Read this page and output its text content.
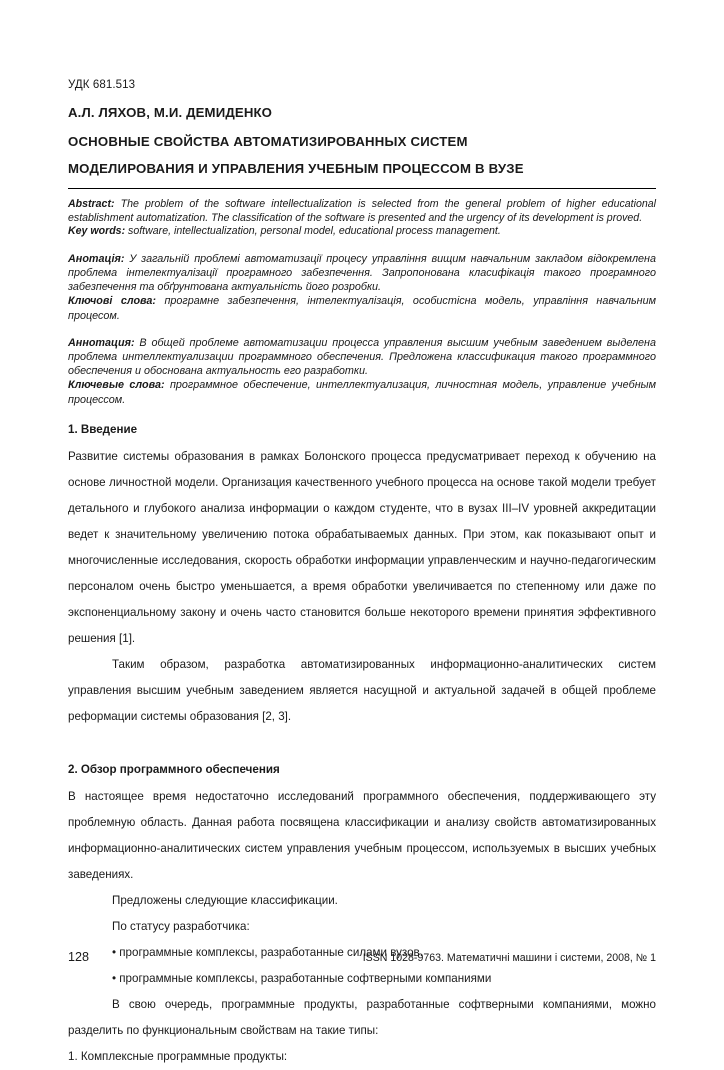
УДК 681.513
А.Л. ЛЯХОВ, М.И. ДЕМИДЕНКО
ОСНОВНЫЕ СВОЙСТВА АВТОМАТИЗИРОВАННЫХ СИСТЕМ
МОДЕЛИРОВАНИЯ И УПРАВЛЕНИЯ УЧЕБНЫМ ПРОЦЕССОМ В ВУЗЕ

Abstract: The problem of the software intellectualization is selected from the general problem of higher educational establishment automatization. The classification of the software is presented and the urgency of its development is proved.

Key words: software, intellectualization, personal model, educational process management.

Анотація: У загальній проблемі автоматизації процесу управління вищим навчальним закладом відокремлена проблема інтелектуалізації програмного забезпечення. Запропонована класифікація такого програмного забезпечення та обґрунтована актуальність його розробки.

Ключові слова: програмне забезпечення, інтелектуалізація, особистісна модель, управління навчальним процесом.

Аннотация: В общей проблеме автоматизации процесса управления высшим учебным заведением выделена проблема интеллектуализации программного обеспечения. Предложена классификация такого программного обеспечения и обоснована актуальность его разработки.

Ключевые слова: программное обеспечение, интеллектуализация, личностная модель, управление учебным процессом.

1. Введение

Развитие системы образования в рамках Болонского процесса предусматривает переход к обучению на основе личностной модели. Организация качественного учебного процесса на основе такой модели требует детального и глубокого анализа информации о каждом студенте, что в вузах III–IV уровней аккредитации ведет к значительному увеличению потока обрабатываемых данных. При этом, как показывают опыт и многочисленные исследования, скорость обработки информации управленческим и научно-педагогическим персоналом очень быстро уменьшается, а время обработки увеличивается по степенному или даже по экспоненциальному закону и очень часто становится больше некоторого времени принятия эффективного решения [1].

Таким образом, разработка автоматизированных информационно-аналитических систем управления высшим учебным заведением является насущной и актуальной задачей в общей проблеме реформации системы образования [2, 3].

2. Обзор программного обеспечения

В настоящее время недостаточно исследований программного обеспечения, поддерживающего эту проблемную область. Данная работа посвящена классификации и анализу свойств автоматизированных информационно-аналитических систем управления учебным процессом, используемых в высших учебных заведениях.

Предложены следующие классификации.

По статусу разработчика:

• программные комплексы, разработанные силами вузов.

• программные комплексы, разработанные софтверными компаниями

В свою очередь, программные продукты, разработанные софтверными компаниями, можно разделить по функциональным свойствам на такие типы:

1. Комплексные программные продукты:

128	ISSN 1028-9763. Математичні машини і системи, 2008, № 1
